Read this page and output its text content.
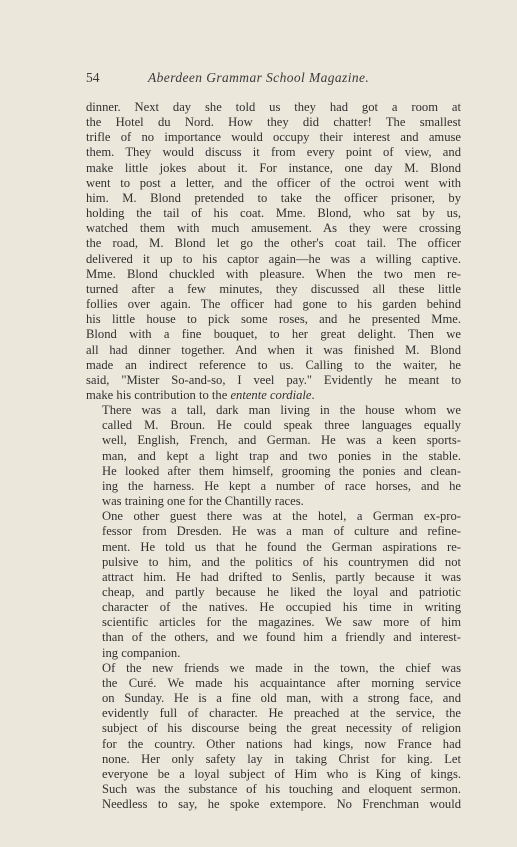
54	Aberdeen Grammar School Magazine.

dinner. Next day she told us they had got a room at
the Hotel du Nord. How they did chatter! The smallest
trifle of no importance would occupy their interest and amuse
them. They would discuss it from every point of view, and
make little jokes about it. For instance, one day M. Blond
went to post a letter, and the officer of the octroi went with
him. M. Blond pretended to take the officer prisoner, by
holding the tail of his coat. Mme. Blond, who sat by us,
watched them with much amusement. As they were crossing
the road, M. Blond let go the other's coat tail. The officer
delivered it up to his captor again—he was a willing captive.
Mme. Blond chuckled with pleasure. When the two men re-
turned after a few minutes, they discussed all these little
follies over again. The officer had gone to his garden behind
his little house to pick some roses, and he presented Mme.
Blond with a fine bouquet, to her great delight. Then we
all had dinner together. And when it was finished M. Blond
made an indirect reference to us. Calling to the waiter, he
said, "Mister So-and-so, I veel pay." Evidently he meant to
make his contribution to the entente cordiale.

There was a tall, dark man living in the house whom we
called M. Broun. He could speak three languages equally
well, English, French, and German. He was a keen sports-
man, and kept a light trap and two ponies in the stable.
He looked after them himself, grooming the ponies and clean-
ing the harness. He kept a number of race horses, and he
was training one for the Chantilly races.

One other guest there was at the hotel, a German ex-pro-
fessor from Dresden. He was a man of culture and refine-
ment. He told us that he found the German aspirations re-
pulsive to him, and the politics of his countrymen did not
attract him. He had drifted to Senlis, partly because it was
cheap, and partly because he liked the loyal and patriotic
character of the natives. He occupied his time in writing
scientific articles for the magazines. We saw more of him
than of the others, and we found him a friendly and interest-
ing companion.

Of the new friends we made in the town, the chief was
the Curé. We made his acquaintance after morning service
on Sunday. He is a fine old man, with a strong face, and
evidently full of character. He preached at the service, the
subject of his discourse being the great necessity of religion
for the country. Other nations had kings, now France had
none. Her only safety lay in taking Christ for king. Let
everyone be a loyal subject of Him who is King of kings.
Such was the substance of his touching and eloquent sermon.
Needless to say, he spoke extempore. No Frenchman would
